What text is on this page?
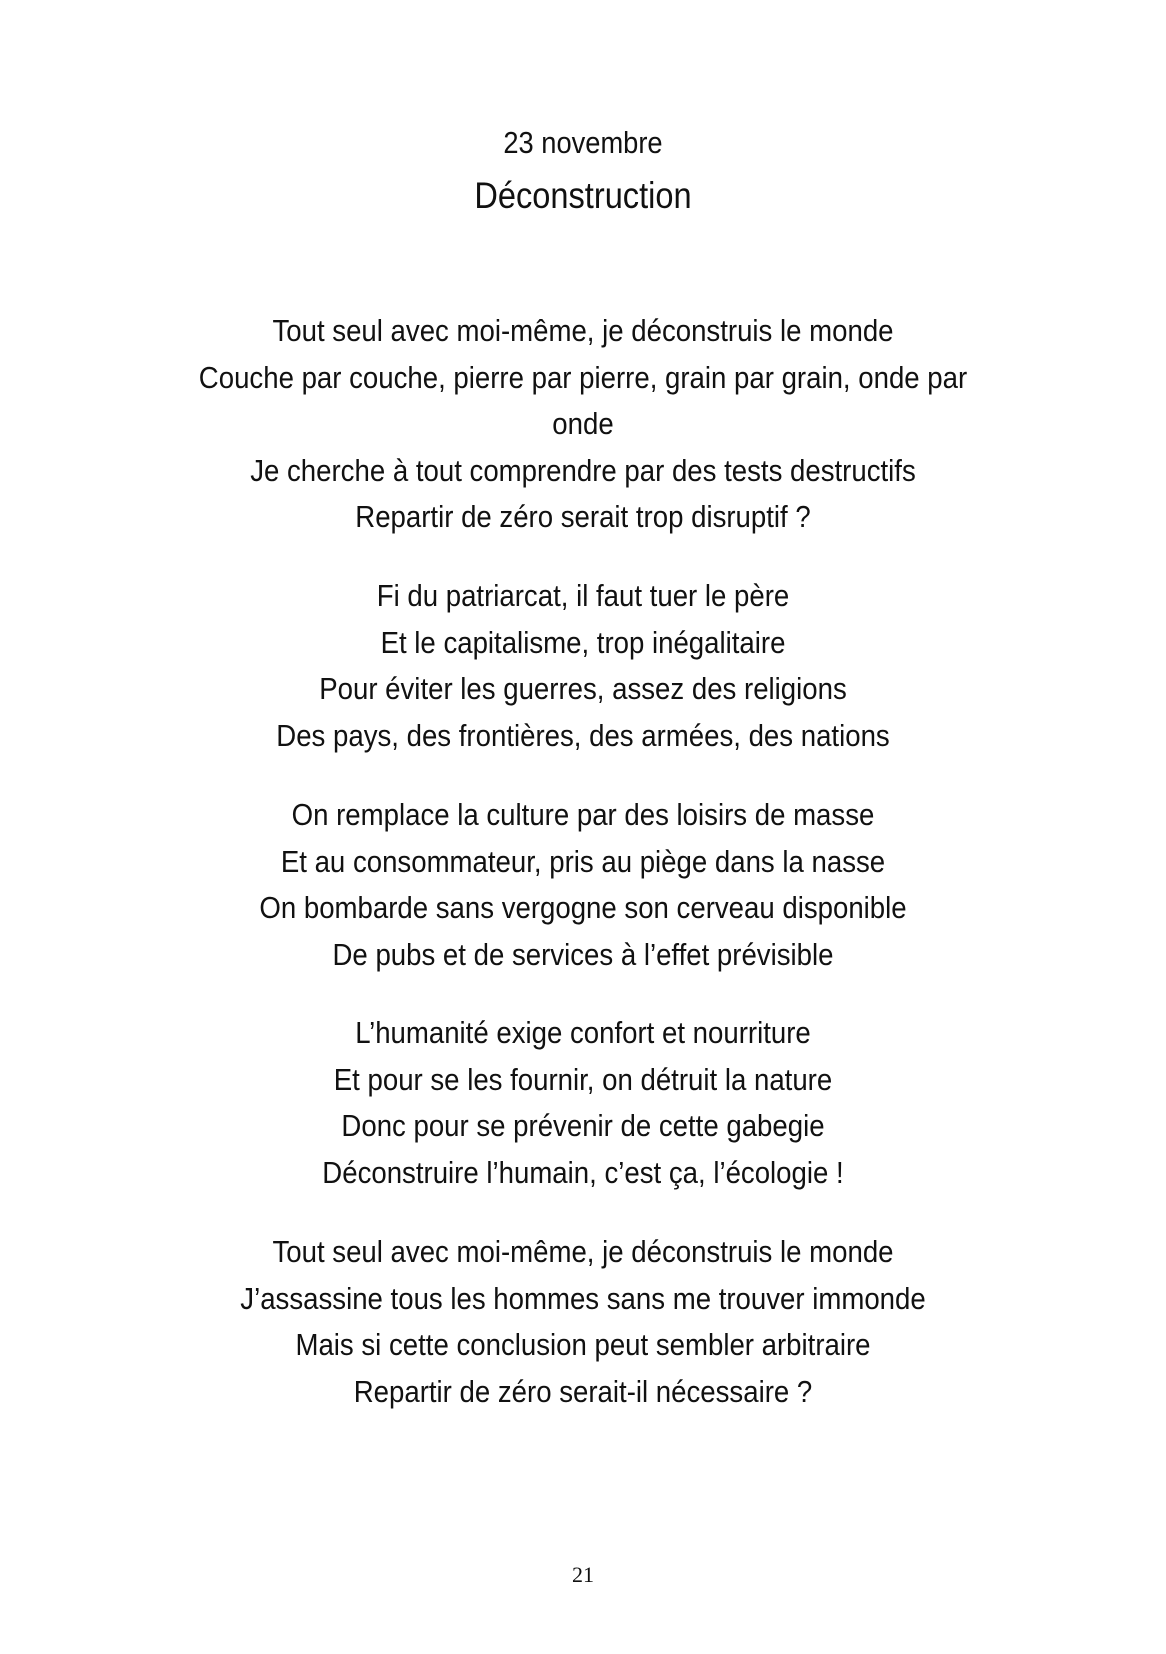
23 novembre
Déconstruction
Tout seul avec moi-même, je déconstruis le monde
Couche par couche, pierre par pierre, grain par grain, onde par
onde
Je cherche à tout comprendre par des tests destructifs
Repartir de zéro serait trop disruptif ?
Fi du patriarcat, il faut tuer le père
Et le capitalisme, trop inégalitaire
Pour éviter les guerres, assez des religions
Des pays, des frontières, des armées, des nations
On remplace la culture par des loisirs de masse
Et au consommateur, pris au piège dans la nasse
On bombarde sans vergogne son cerveau disponible
De pubs et de services à l’effet prévisible
L’humanité exige confort et nourriture
Et pour se les fournir, on détruit la nature
Donc pour se prévenir de cette gabegie
Déconstruire l’humain, c’est ça, l’écologie !
Tout seul avec moi-même, je déconstruis le monde
J’assassine tous les hommes sans me trouver immonde
Mais si cette conclusion peut sembler arbitraire
Repartir de zéro serait-il nécessaire ?
21
